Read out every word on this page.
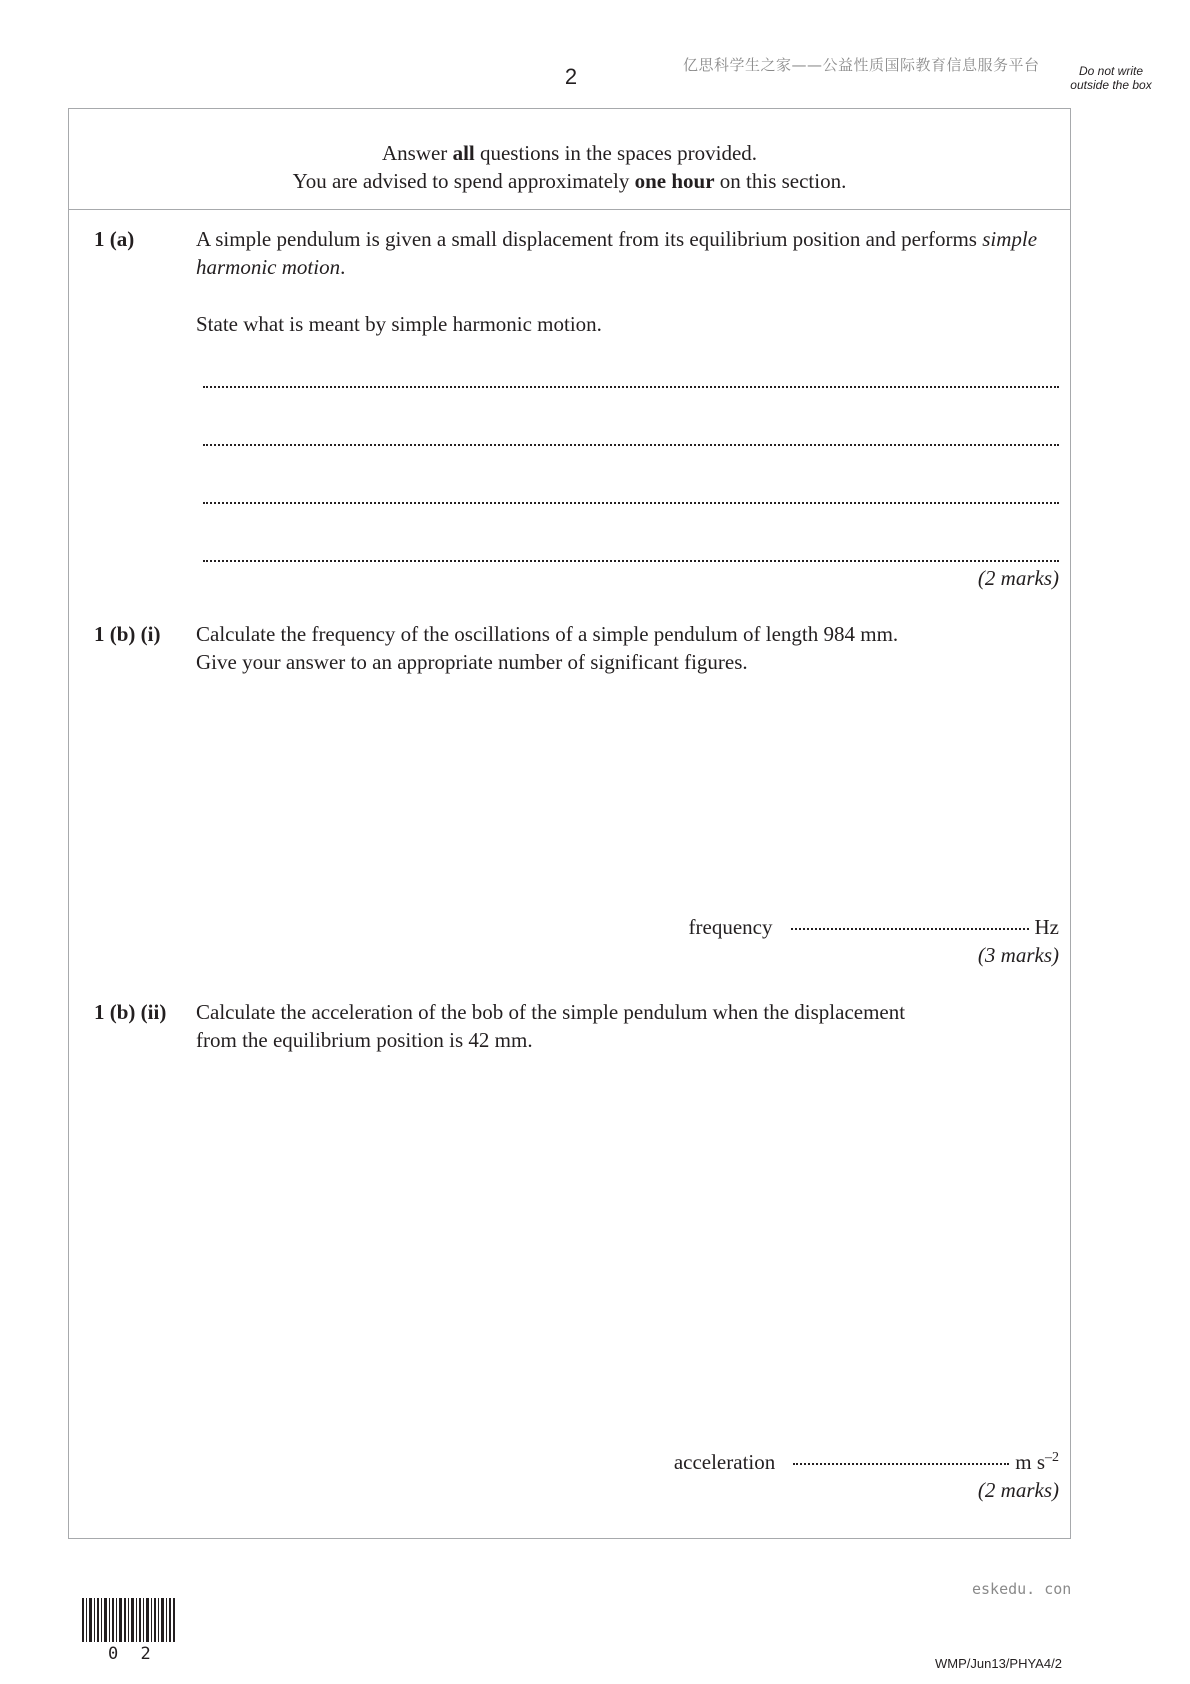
2	亿思科学生之家——公益性质国际教育信息服务平台	Do not write outside the box
Answer all questions in the spaces provided.
You are advised to spend approximately one hour on this section.
1 (a)	A simple pendulum is given a small displacement from its equilibrium position and performs simple harmonic motion.
State what is meant by simple harmonic motion.
(2 marks)
1 (b) (i) Calculate the frequency of the oscillations of a simple pendulum of length 984 mm.
Give your answer to an appropriate number of significant figures.
frequency	Hz
(3 marks)
1 (b) (ii) Calculate the acceleration of the bob of the simple pendulum when the displacement
from the equilibrium position is 42 mm.
acceleration	m $s^{-2}$
(2 marks)
eskedu. con
0 2	WMP/Jun13/PHYA4/2
